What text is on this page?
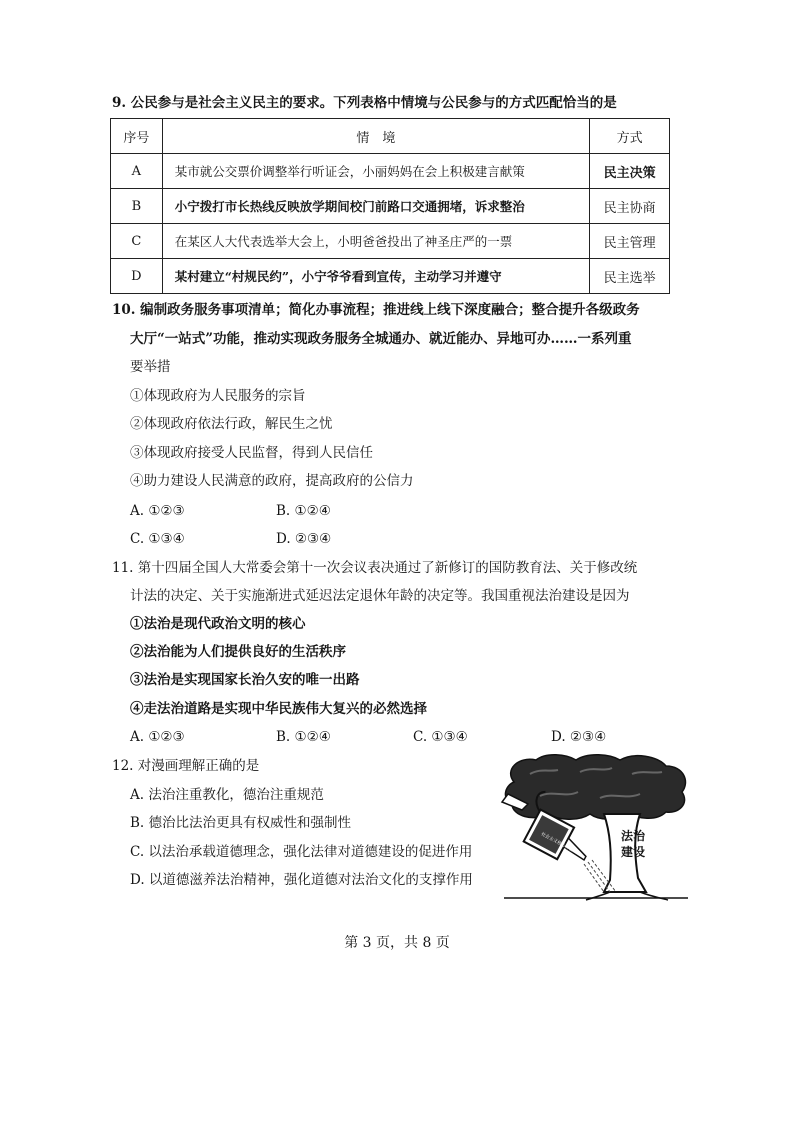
9. 公民参与是社会主义民主的要求。下列表格中情境与公民参与的方式匹配恰当的是
序号	情　境	方式
A	某市就公交票价调整举行听证会，小丽妈妈在会上积极建言献策	民主决策
B	小宁拨打市长热线反映放学期间校门前路口交通拥堵，诉求整治	民主协商
C	在某区人大代表选举大会上，小明爸爸投出了神圣庄严的一票	民主管理
D	某村建立“村规民约”，小宁爷爷看到宣传，主动学习并遵守	民主选举
10. 编制政务服务事项清单；简化办事流程；推进线上线下深度融合；整合提升各级政务
大厅“一站式”功能，推动实现政务服务全城通办、就近能办、异地可办……一系列重
要举措
①体现政府为人民服务的宗旨
②体现政府依法行政，解民生之忧
③体现政府接受人民监督，得到人民信任
④助力建设人民满意的政府，提高政府的公信力
A. ①②③	B. ①②④
C. ①③④	D. ②③④
11. 第十四届全国人大常委会第十一次会议表决通过了新修订的国防教育法、关于修改统
计法的决定、关于实施渐进式延迟法定退休年龄的决定等。我国重视法治建设是因为
①法治是现代政治文明的核心
②法治能为人们提供良好的生活秩序
③法治是实现国家长治久安的唯一出路
④走法治道路是实现中华民族伟大复兴的必然选择
A. ①②③	B. ①②④	C. ①③④	D. ②③④
12. 对漫画理解正确的是
A. 法治注重教化，德治注重规范
B. 德治比法治更具有权威性和强制性
C. 以法治承载道德理念，强化法律对道德建设的促进作用
D. 以道德滋养法治精神，强化道德对法治文化的支撑作用
法治
建设
社会主义核心价值观
第 3 页，共 8 页
